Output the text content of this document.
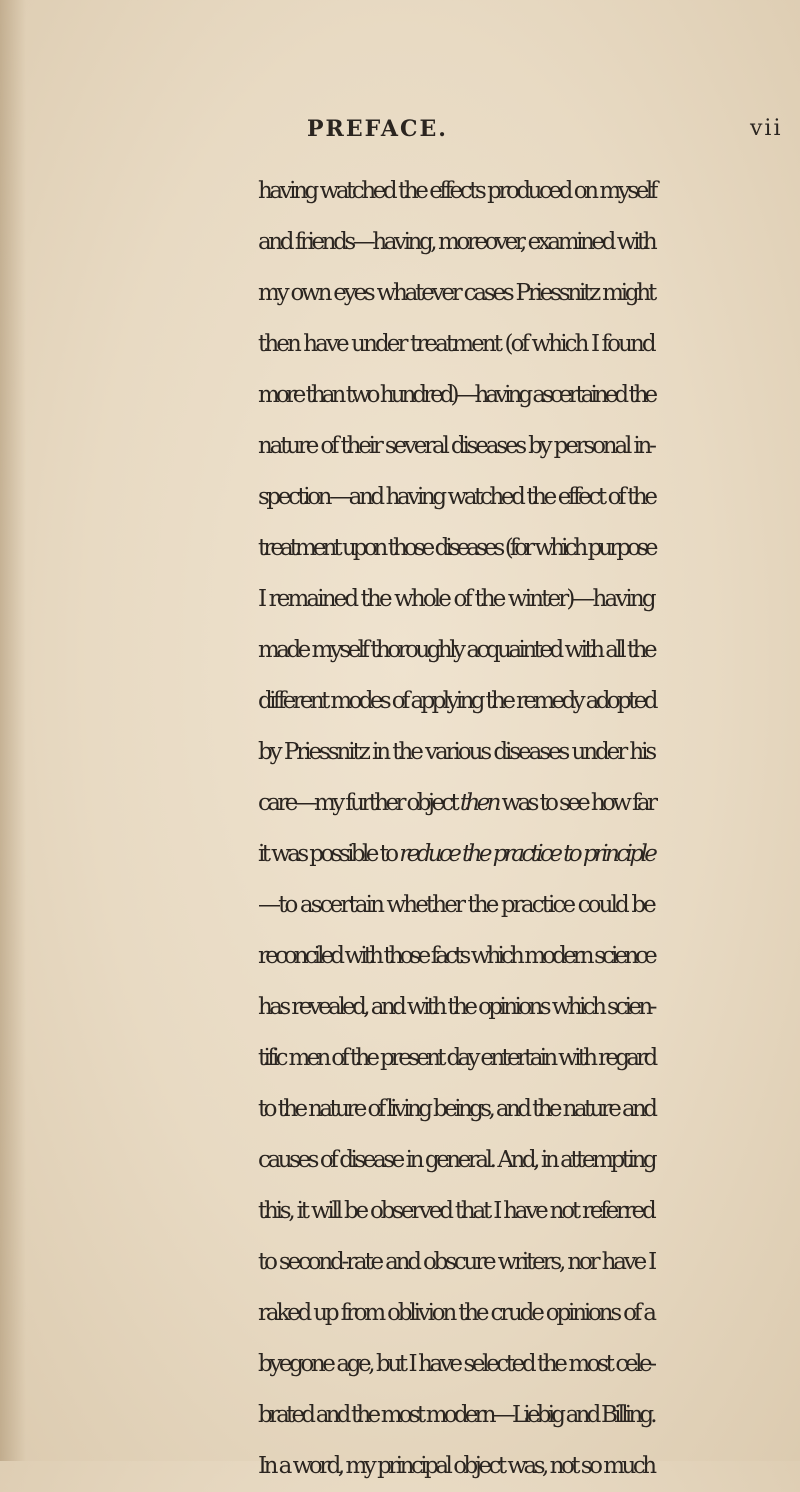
PREFACE.	vii
having watched the effects produced on myself
and friends—having, moreover, examined with
my own eyes whatever cases Priessnitz might
then have under treatment (of which I found
more than two hundred)—having ascertained the
nature of their several diseases by personal in-
spection—and having watched the effect of the
treatment upon those diseases (for which purpose
I remained the whole of the winter)—having
made myself thoroughly acquainted with all the
different modes of applying the remedy adopted
by Priessnitz in the various diseases under his
care—my further object then was to see how far
it was possible to reduce the practice to principle
—to ascertain whether the practice could be
reconciled with those facts which modern science
has revealed, and with the opinions which scien-
tific men of the present day entertain with regard
to the nature of living beings, and the nature and
causes of disease in general. And, in attempting
this, it will be observed that I have not referred
to second-rate and obscure writers, nor have I
raked up from oblivion the crude opinions of a
byegone age, but I have selected the most cele-
brated and the most modern—Liebig and Billing.
In a word, my principal object was, not so much
